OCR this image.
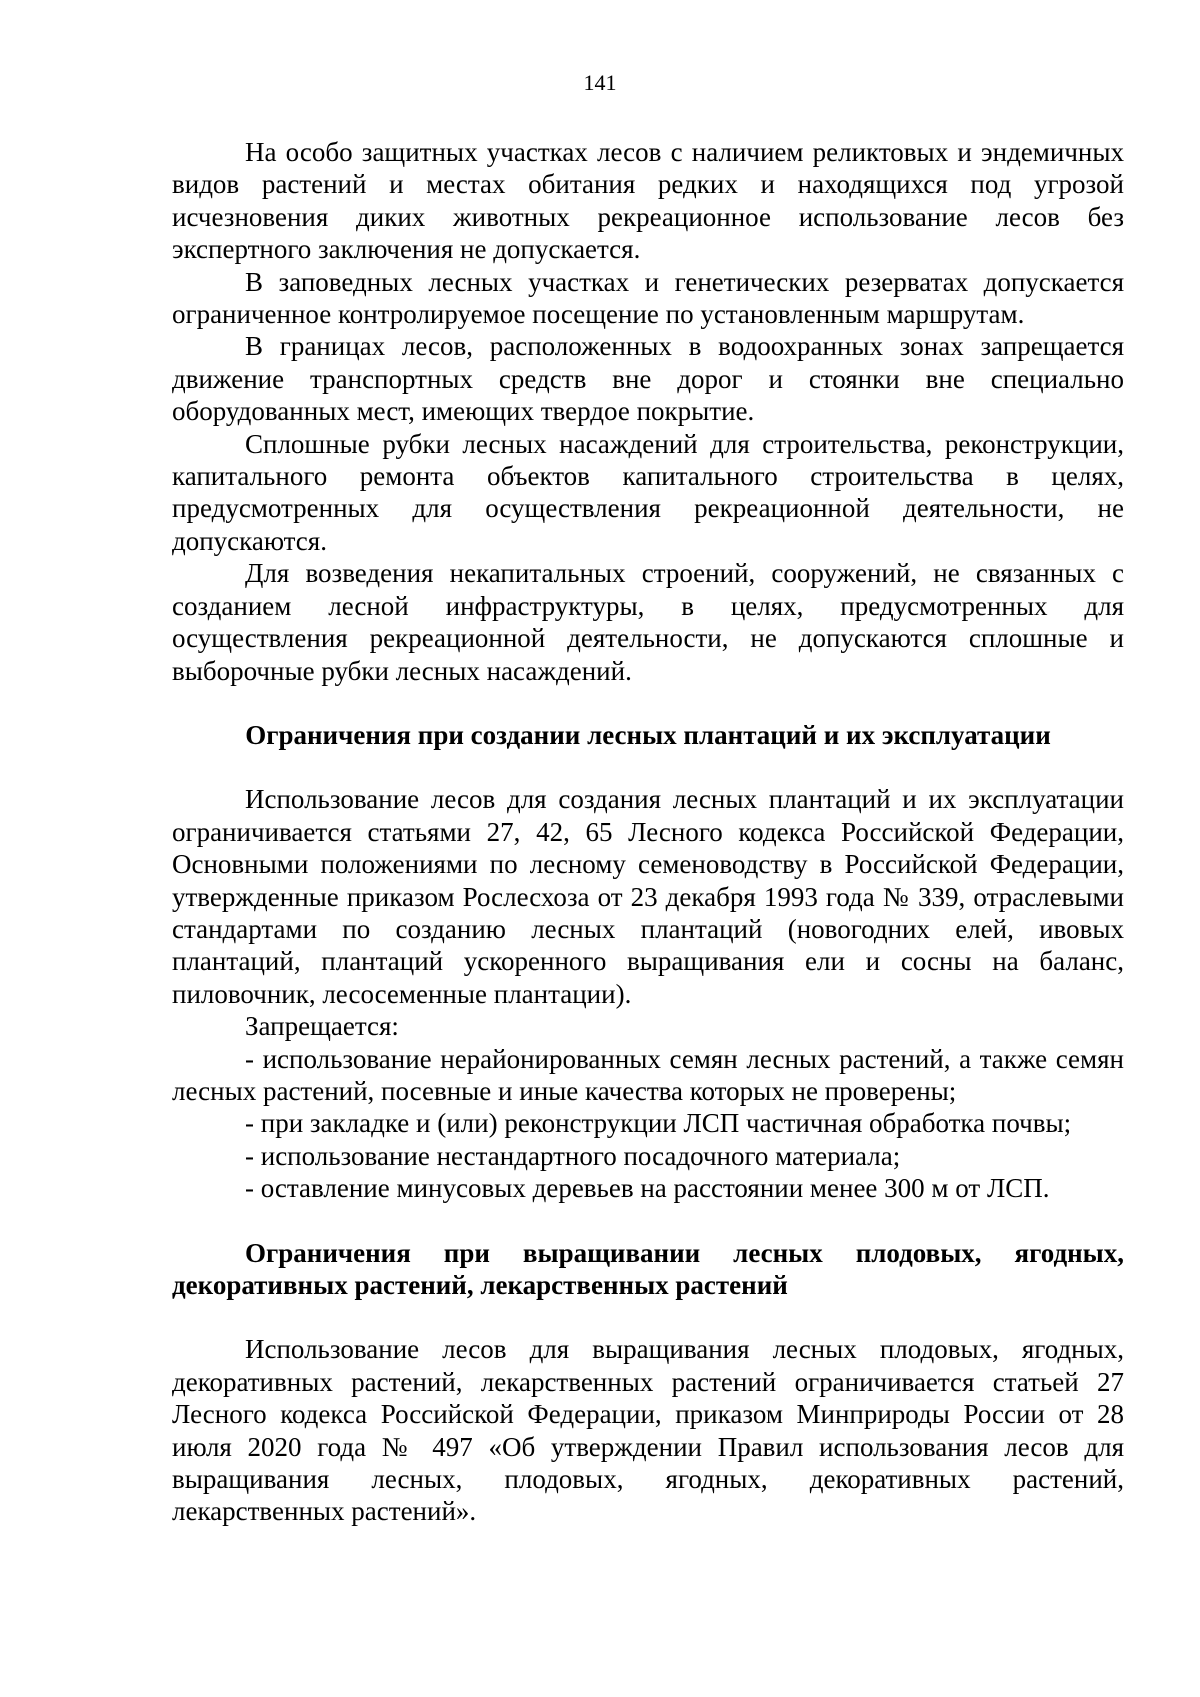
141

На особо защитных участках лесов с наличием реликтовых и эндемичных видов растений и местах обитания редких и находящихся под угрозой исчезновения диких животных рекреационное использование лесов без экспертного заключения не допускается.

В заповедных лесных участках и генетических резерватах допускается ограниченное контролируемое посещение по установленным маршрутам.

В границах лесов, расположенных в водоохранных зонах запрещается движение транспортных средств вне дорог и стоянки вне специально оборудованных мест, имеющих твердое покрытие.

Сплошные рубки лесных насаждений для строительства, реконструкции, капитального ремонта объектов капитального строительства в целях, предусмотренных для осуществления рекреационной деятельности, не допускаются.

Для возведения некапитальных строений, сооружений, не связанных с созданием лесной инфраструктуры, в целях, предусмотренных для осуществления рекреационной деятельности, не допускаются сплошные и выборочные рубки лесных насаждений.

Ограничения при создании лесных плантаций и их эксплуатации

Использование лесов для создания лесных плантаций и их эксплуатации ограничивается статьями 27, 42, 65 Лесного кодекса Российской Федерации, Основными положениями по лесному семеноводству в Российской Федерации, утвержденные приказом Рослесхоза от 23 декабря 1993 года № 339, отраслевыми стандартами по созданию лесных плантаций (новогодних елей, ивовых плантаций, плантаций ускоренного выращивания ели и сосны на баланс, пиловочник, лесосеменные плантации).

Запрещается:

- использование нерайонированных семян лесных растений, а также семян лесных растений, посевные и иные качества которых не проверены;

- при закладке и (или) реконструкции ЛСП частичная обработка почвы;

- использование нестандартного посадочного материала;

- оставление минусовых деревьев на расстоянии менее 300 м от ЛСП.

Ограничения при выращивании лесных плодовых, ягодных, декоративных растений, лекарственных растений

Использование лесов для выращивания лесных плодовых, ягодных, декоративных растений, лекарственных растений ограничивается статьей 27 Лесного кодекса Российской Федерации, приказом Минприроды России от 28 июля 2020 года № 497 «Об утверждении Правил использования лесов для выращивания лесных, плодовых, ягодных, декоративных растений, лекарственных растений».
